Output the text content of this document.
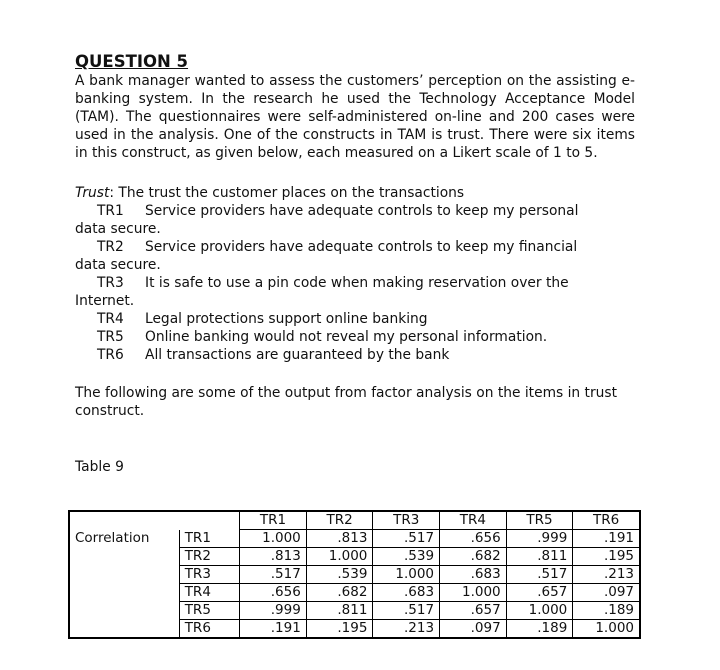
QUESTION 5

A bank manager wanted to assess the customers’ perception on the assisting e-banking system. In the research he used the Technology Acceptance Model (TAM). The questionnaires were self-administered on-line and 200 cases were used in the analysis. One of the constructs in TAM is trust. There were six items in this construct, as given below, each measured on a Likert scale of 1 to 5.

Trust: The trust the customer places on the transactions
TR1 Service providers have adequate controls to keep my personal
data secure.
TR2 Service providers have adequate controls to keep my financial
data secure.
TR3 It is safe to use a pin code when making reservation over the
Internet.
TR4 Legal protections support online banking
TR5 Online banking would not reveal my personal information.
TR6 All transactions are guaranteed by the bank
The following are some of the output from factor analysis on the items in trust construct.
Table 9
		TR1	TR2	TR3	TR4	TR5	TR6
Correlation	TR1	1.000	.813	.517	.656	.999	.191
	TR2	.813	1.000	.539	.682	.811	.195
	TR3	.517	.539	1.000	.683	.517	.213
	TR4	.656	.682	.683	1.000	.657	.097
	TR5	.999	.811	.517	.657	1.000	.189
	TR6	.191	.195	.213	.097	.189	1.000
